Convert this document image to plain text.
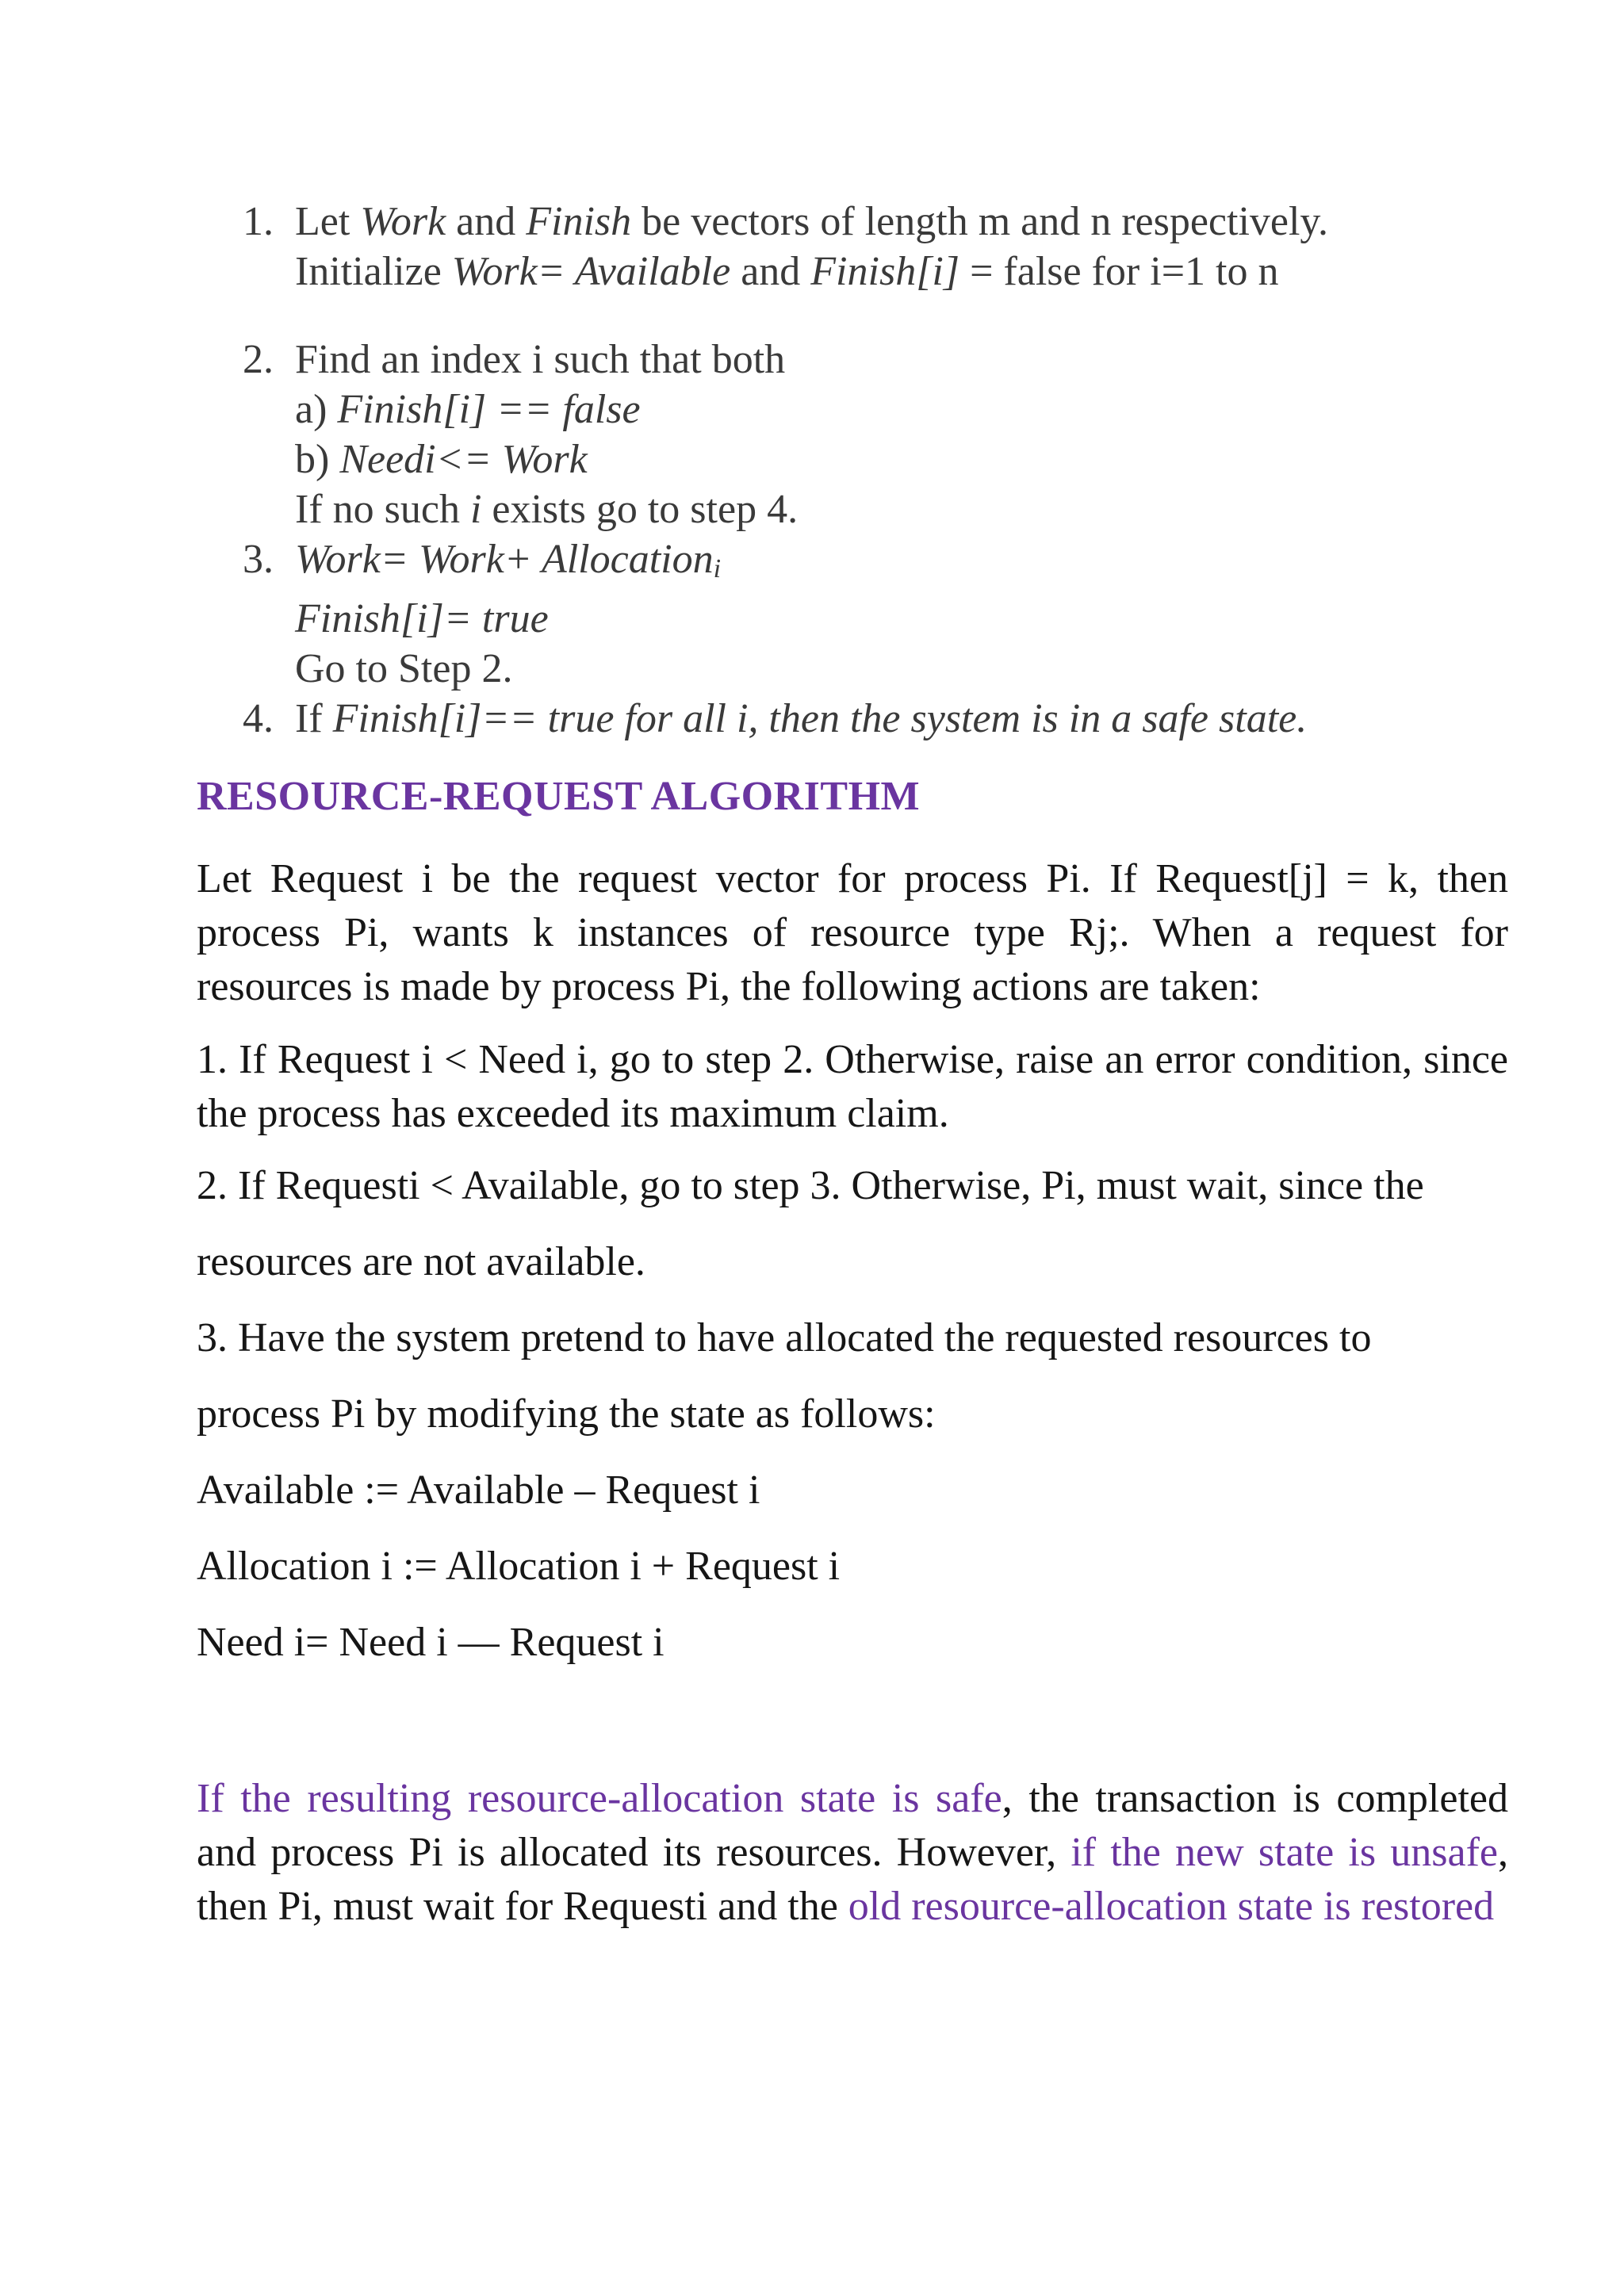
1. Let Work and Finish be vectors of length m and n respectively.
Initialize Work= Available and Finish[i] = false for i=1 to n
2. Find an index i such that both
a) Finish[i] == false
b) Needi<= Work
If no such i exists go to step 4.
3. Work= Work+ Allocationi
Finish[i]= true
Go to Step 2.
4. If Finish[i]== true for all i, then the system is in a safe state.
RESOURCE-REQUEST ALGORITHM
Let Request i be the request vector for process Pi. If Request[j] = k, then process Pi, wants k instances of resource type Rj;. When a request for resources is made by process Pi, the following actions are taken:
1. If Request i < Need i, go to step 2. Otherwise, raise an error condition, since the process has exceeded its maximum claim.
2. If Requesti < Available, go to step 3. Otherwise, Pi, must wait, since the
resources are not available.
3. Have the system pretend to have allocated the requested resources to
process Pi by modifying the state as follows:
Available := Available – Request i
Allocation i := Allocation i + Request i
Need i= Need i — Request i
If the resulting resource-allocation state is safe, the transaction is completed and process Pi is allocated its resources. However, if the new state is unsafe, then Pi, must wait for Requesti and the old resource-allocation state is restored
